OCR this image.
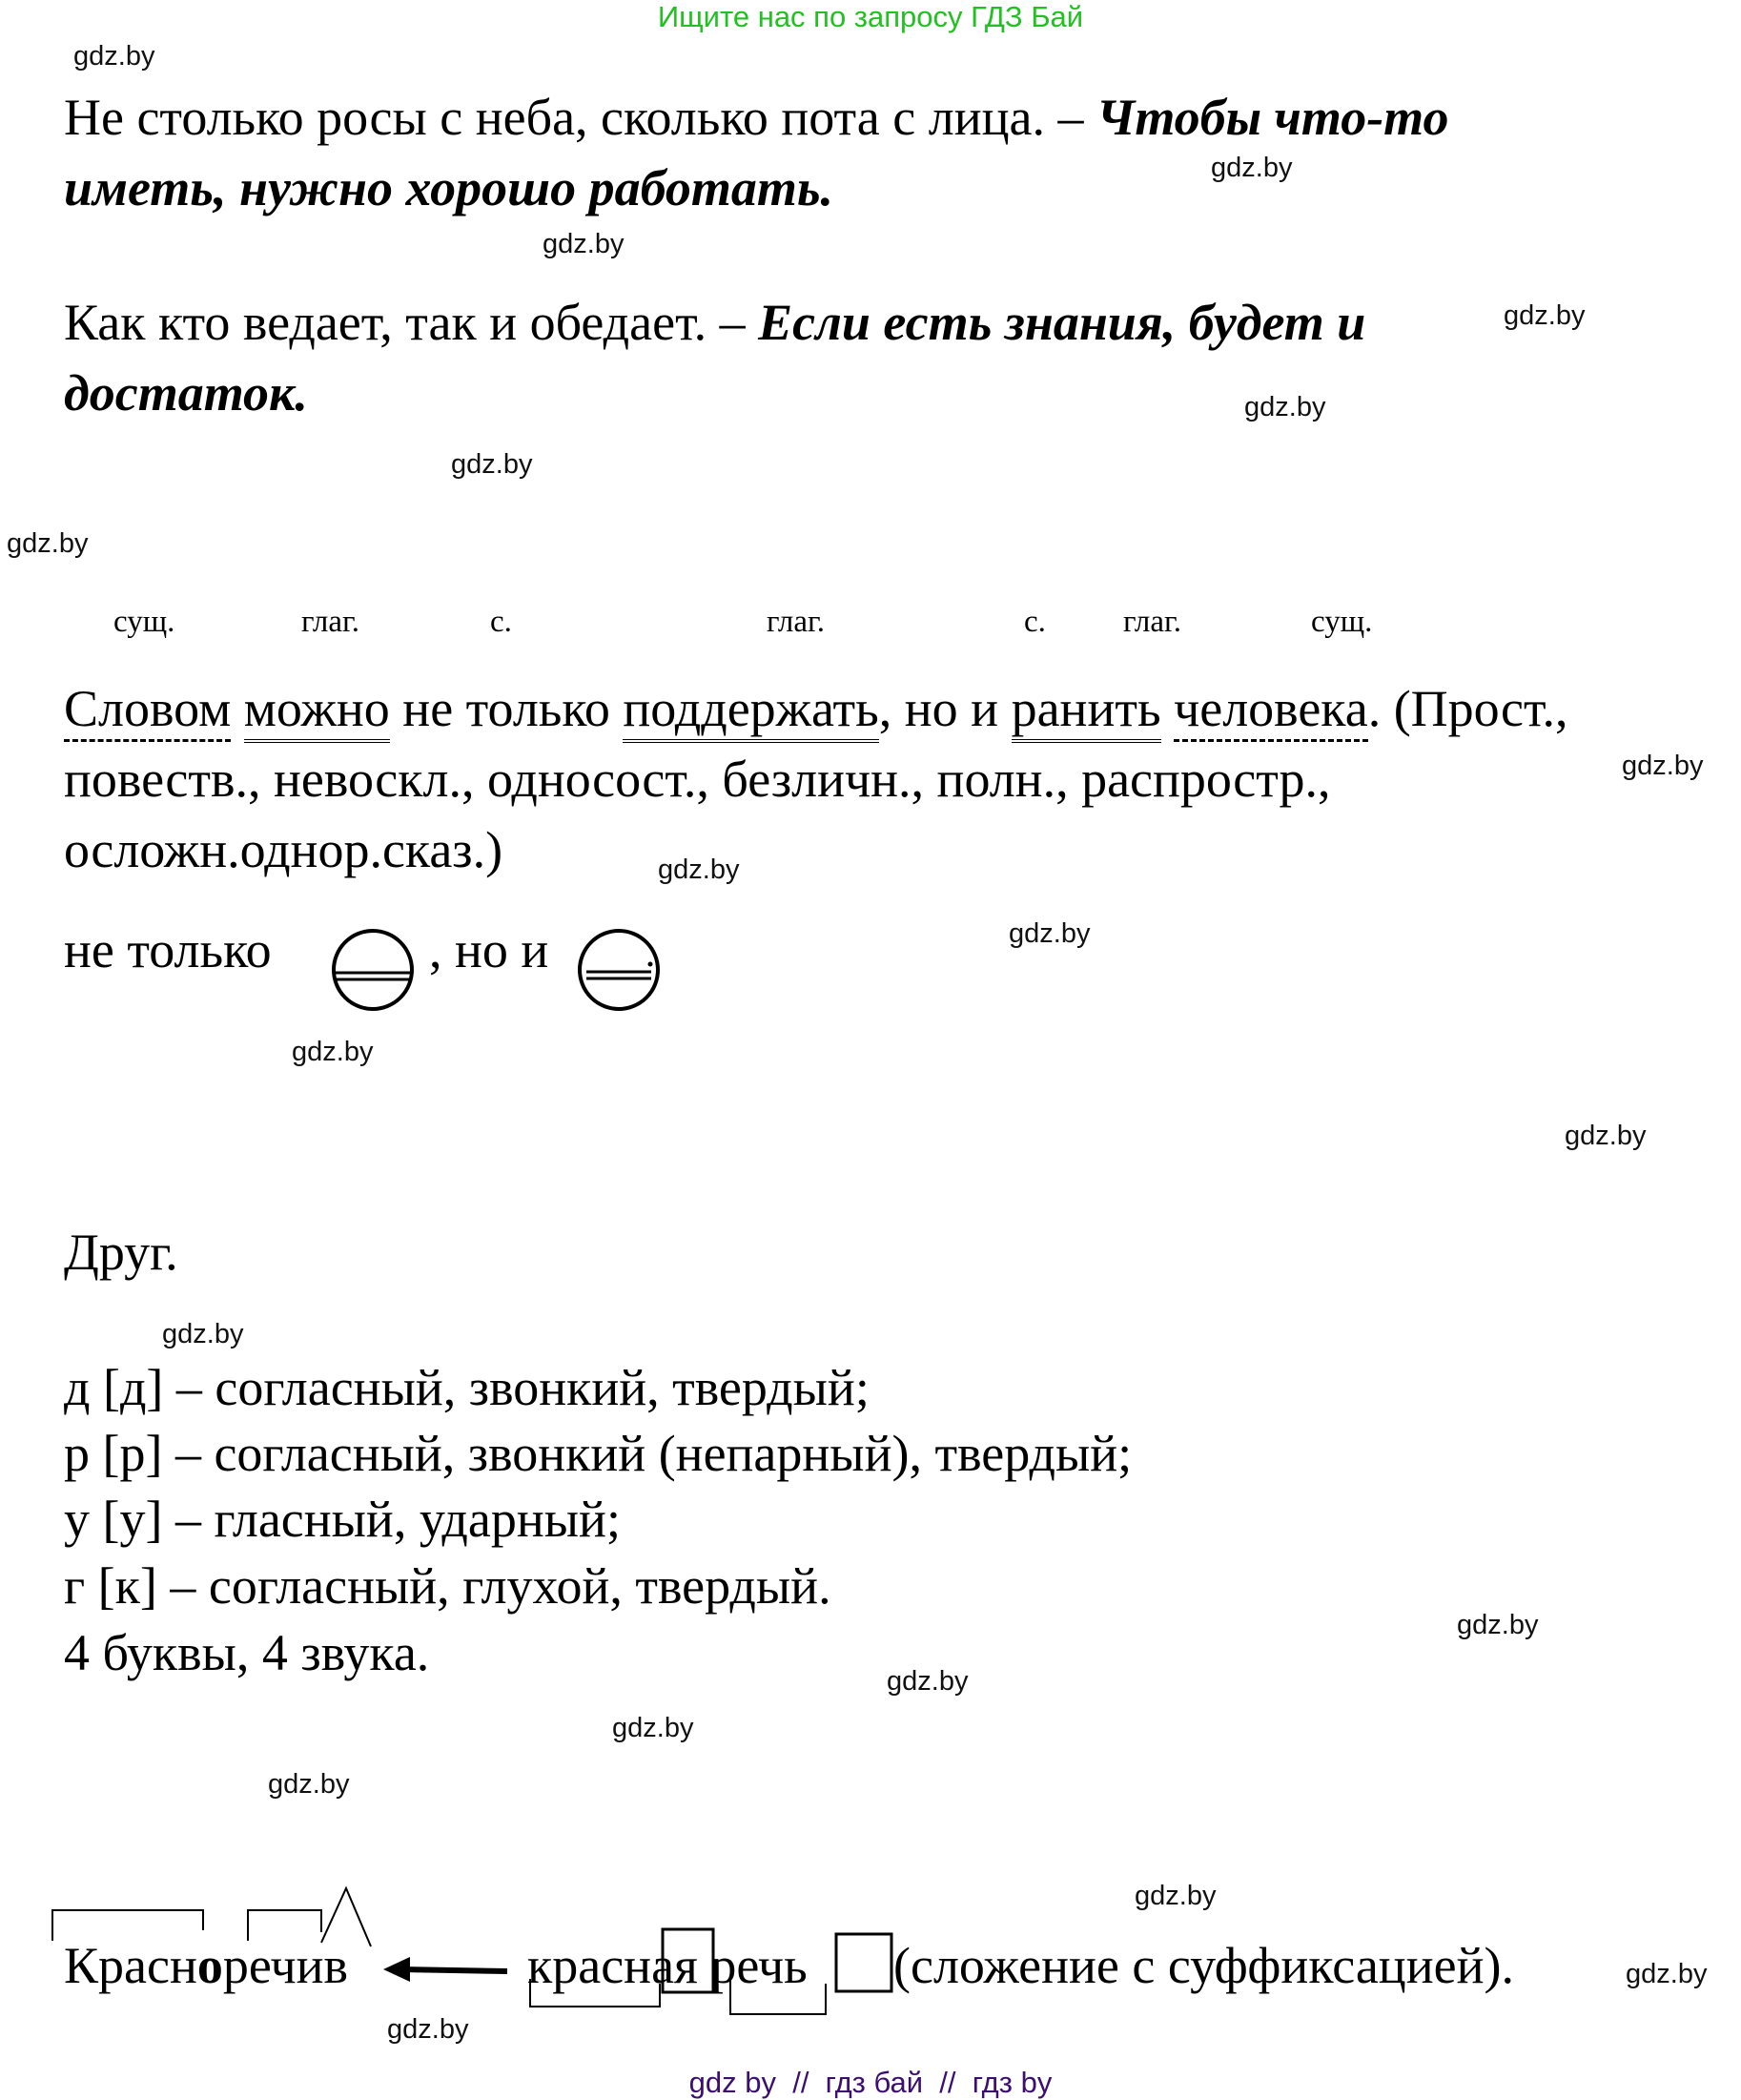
Ищите нас по запросу ГДЗ Бай
gdz.by
gdz.by
gdz.by
gdz.by
gdz.by
gdz.by
gdz.by
gdz.by
gdz.by
gdz.by
gdz.by
gdz.by
gdz.by
gdz.by
gdz.by
gdz.by
gdz.by
gdz.by
gdz.by
gdz.by
Не столько росы с неба, сколько пота с лица. – Чтобы что-то
иметь, нужно хорошо работать.
Как кто ведает, так и обедает. – Если есть знания, будет и
достаток.
сущ.	глаг.	с.	глаг.	с. глаг.	сущ.
Словом можно не только поддержать, но и ранить человека. (Прост.,
повеств., невоскл., односост., безличн., полн., распростр.,
осложн.однор.сказ.)
не только	, но и
Друг.
д [д] – согласный, звонкий, твердый;
р [р] – согласный, звонкий (непарный), твердый;
у [у] – гласный, ударный;
г [к] – согласный, глухой, твердый.
4 буквы, 4 звука.
Красноречив	красная речь (сложение с суффиксацией).
gdz by  //  гдз бай  //  гдз by
